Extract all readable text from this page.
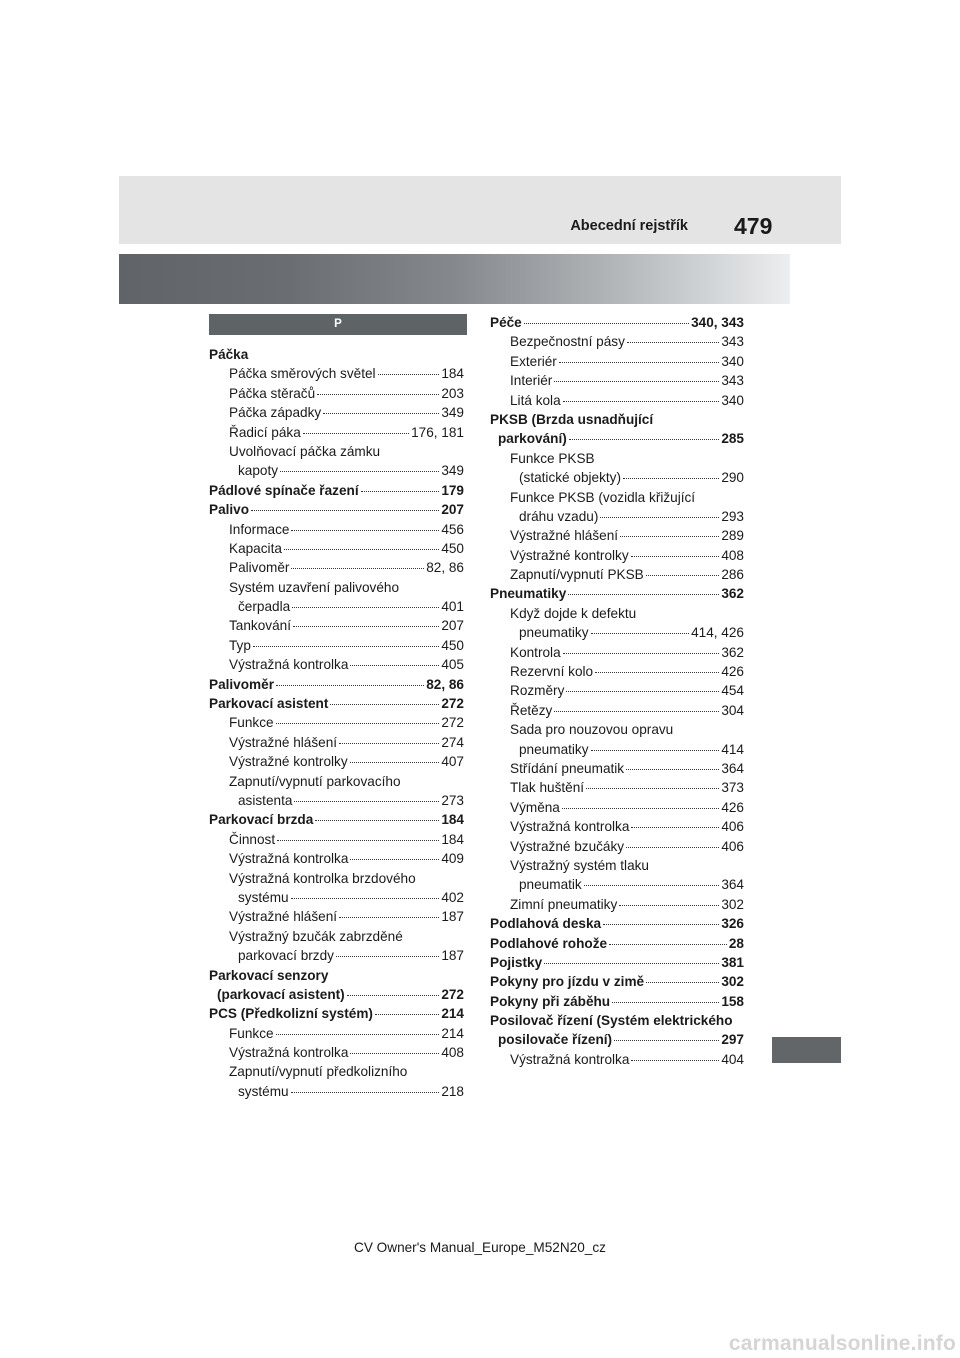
Abecední rejstřík 479
P
Páčka
Páčka směrových světel	184
Páčka stěračů	203
Páčka západky	349
Řadicí páka	176, 181
Uvolňovací páčka zámku
kapoty	349
Pádlové spínače řazení	179
Palivo	207
Informace	456
Kapacita	450
Palivoměr	82, 86
Systém uzavření palivového
čerpadla	401
Tankování	207
Typ	450
Výstražná kontrolka	405
Palivoměr	82, 86
Parkovací asistent	272
Funkce	272
Výstražné hlášení	274
Výstražné kontrolky	407
Zapnutí/vypnutí parkovacího
asistenta	273
Parkovací brzda	184
Činnost	184
Výstražná kontrolka	409
Výstražná kontrolka brzdového
systému	402
Výstražné hlášení	187
Výstražný bzučák zabrzděné
parkovací brzdy	187
Parkovací senzory
(parkovací asistent)	272
PCS (Předkolizní systém)	214
Funkce	214
Výstražná kontrolka	408
Zapnutí/vypnutí předkolizního
systému	218
Péče	340, 343
Bezpečnostní pásy	343
Exteriér	340
Interiér	343
Litá kola	340
PKSB (Brzda usnadňující
parkování)	285
Funkce PKSB
(statické objekty)	290
Funkce PKSB (vozidla křižující
dráhu vzadu)	293
Výstražné hlášení	289
Výstražné kontrolky	408
Zapnutí/vypnutí PKSB	286
Pneumatiky	362
Když dojde k defektu
pneumatiky	414, 426
Kontrola	362
Rezervní kolo	426
Rozměry	454
Řetězy	304
Sada pro nouzovou opravu
pneumatiky	414
Střídání pneumatik	364
Tlak huštění	373
Výměna	426
Výstražná kontrolka	406
Výstražné bzučáky	406
Výstražný systém tlaku
pneumatik	364
Zimní pneumatiky	302
Podlahová deska	326
Podlahové rohože	28
Pojistky	381
Pokyny pro jízdu v zimě	302
Pokyny při záběhu	158
Posilovač řízení (Systém elektrického
posilovače řízení)	297
Výstražná kontrolka	404
CV Owner's Manual_Europe_M52N20_cz
carmanualsonline.info
